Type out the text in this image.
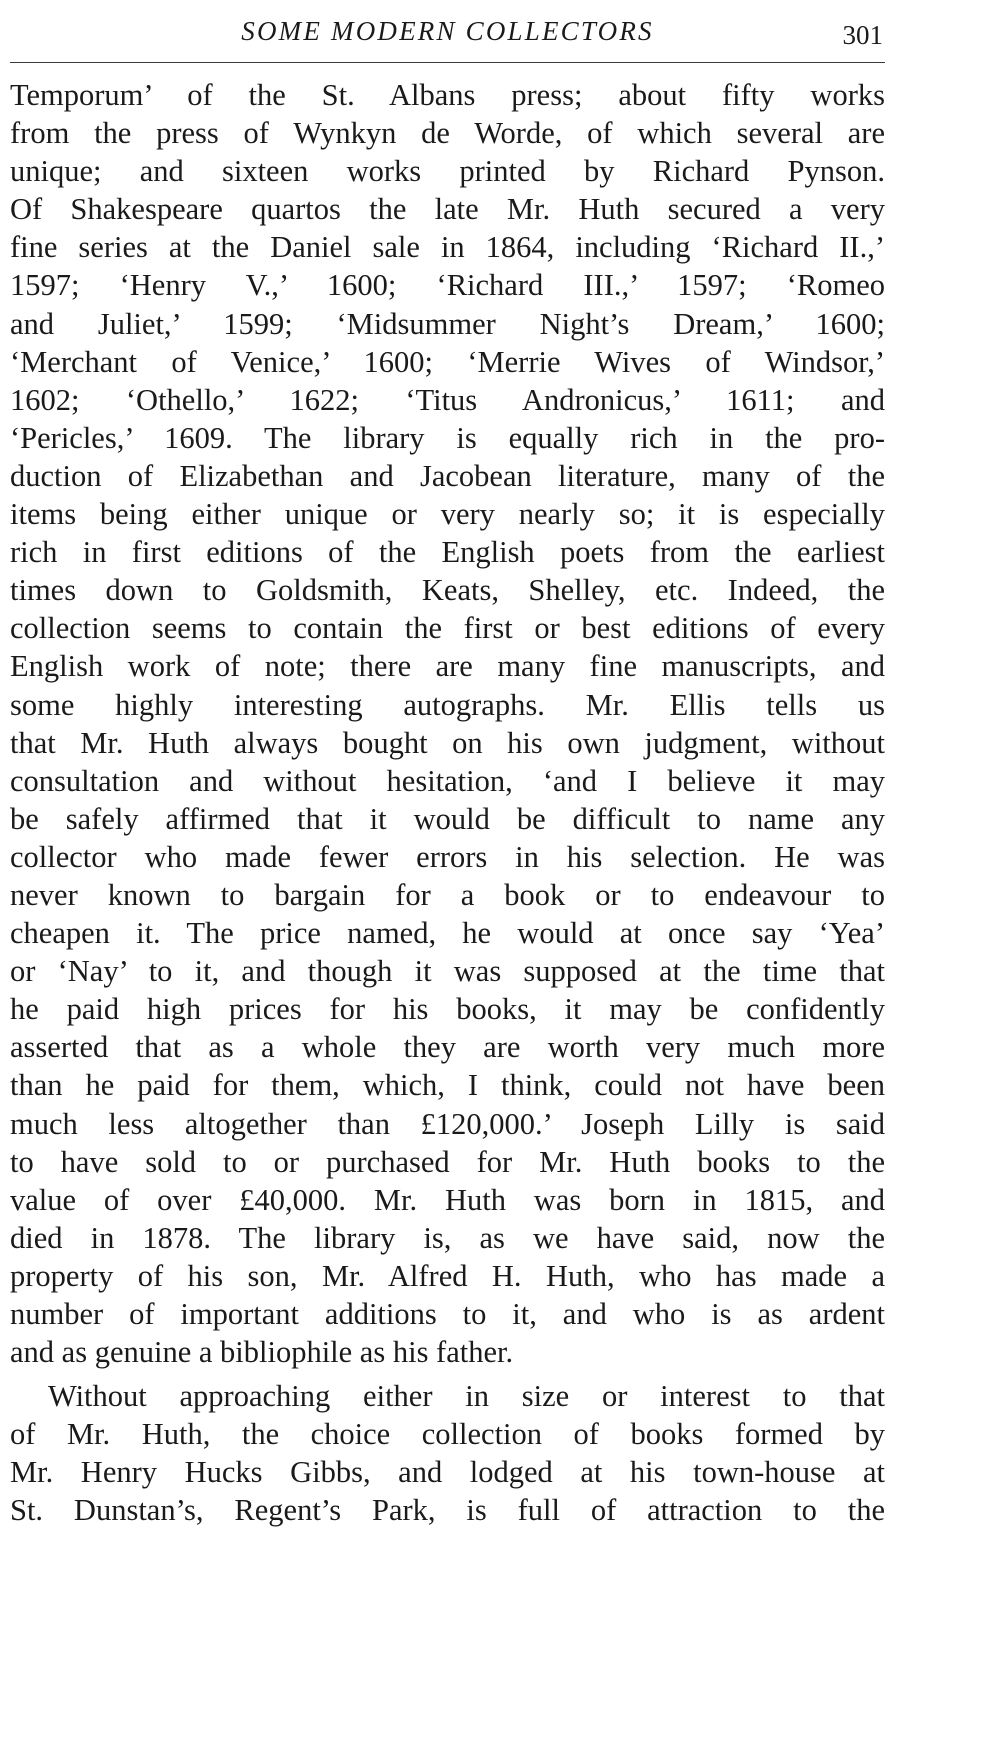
SOME MODERN COLLECTORS	301
Temporum’ of the St. Albans press; about fifty works
from the press of Wynkyn de Worde, of which several are
unique; and sixteen works printed by Richard Pynson.
Of Shakespeare quartos the late Mr. Huth secured a very
fine series at the Daniel sale in 1864, including ‘Richard II.,’
1597; ‘Henry V.,’ 1600; ‘Richard III.,’ 1597; ‘Romeo
and Juliet,’ 1599; ‘Midsummer Night’s Dream,’ 1600;
‘Merchant of Venice,’ 1600; ‘Merrie Wives of Windsor,’
1602; ‘Othello,’ 1622; ‘Titus Andronicus,’ 1611; and
‘Pericles,’ 1609. The library is equally rich in the pro-
duction of Elizabethan and Jacobean literature, many of the
items being either unique or very nearly so; it is especially
rich in first editions of the English poets from the earliest
times down to Goldsmith, Keats, Shelley, etc. Indeed, the
collection seems to contain the first or best editions of every
English work of note; there are many fine manuscripts, and
some highly interesting autographs. Mr. Ellis tells us
that Mr. Huth always bought on his own judgment, without
consultation and without hesitation, ‘and I believe it may
be safely affirmed that it would be difficult to name any
collector who made fewer errors in his selection. He was
never known to bargain for a book or to endeavour to
cheapen it. The price named, he would at once say ‘Yea’
or ‘Nay’ to it, and though it was supposed at the time that
he paid high prices for his books, it may be confidently
asserted that as a whole they are worth very much more
than he paid for them, which, I think, could not have been
much less altogether than £120,000.’ Joseph Lilly is said
to have sold to or purchased for Mr. Huth books to the
value of over £40,000. Mr. Huth was born in 1815, and
died in 1878. The library is, as we have said, now the
property of his son, Mr. Alfred H. Huth, who has made a
number of important additions to it, and who is as ardent
and as genuine a bibliophile as his father.
Without approaching either in size or interest to that
of Mr. Huth, the choice collection of books formed by
Mr. Henry Hucks Gibbs, and lodged at his town-house at
St. Dunstan’s, Regent’s Park, is full of attraction to the
